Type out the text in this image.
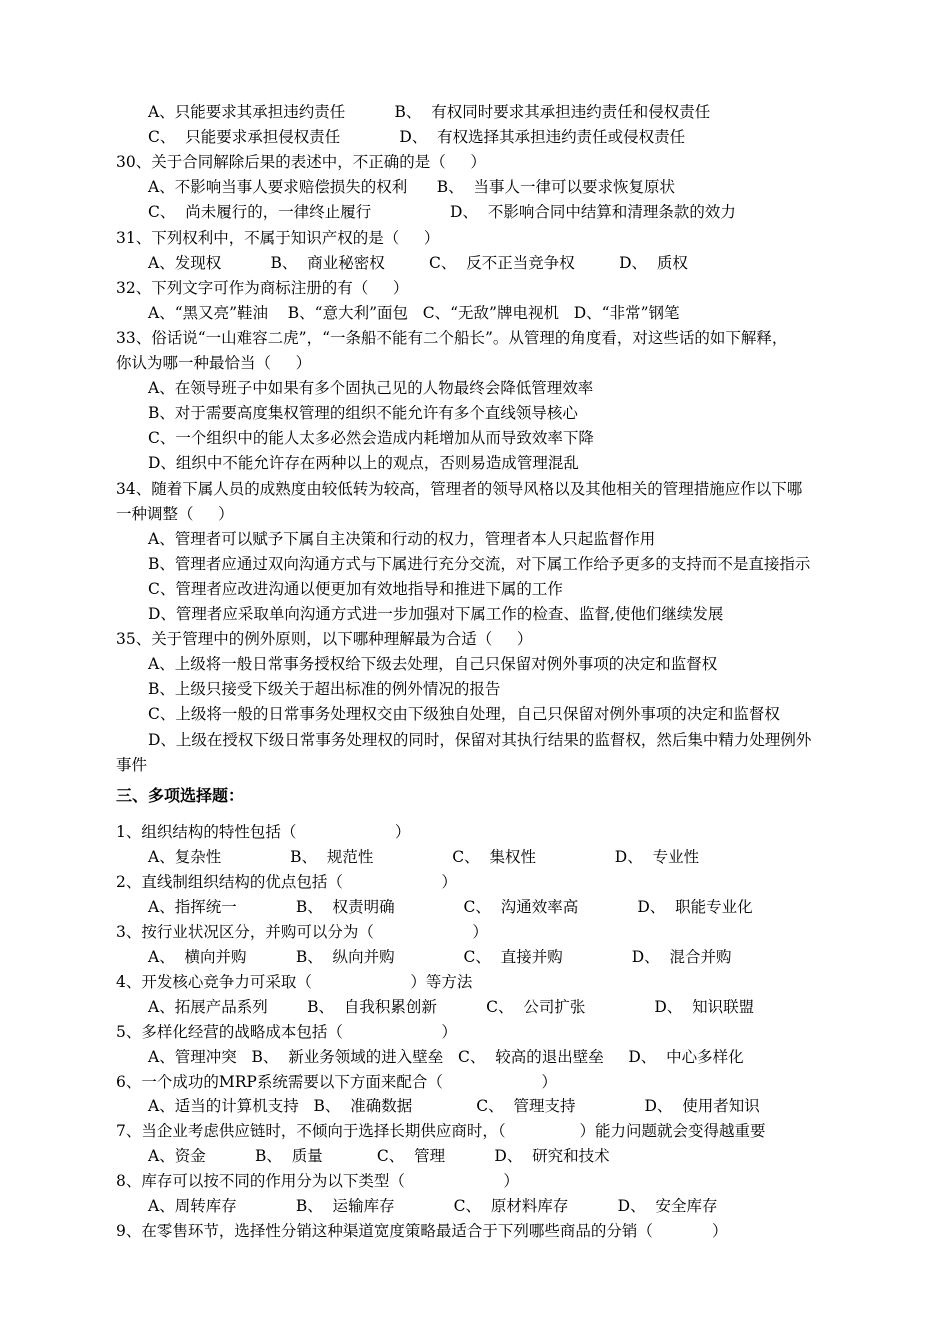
A、只能要求其承担违约责任          B、  有权同时要求其承担违约责任和侵权责任
C、  只能要求承担侵权责任            D、  有权选择其承担违约责任或侵权责任
30、关于合同解除后果的表述中，不正确的是（     ）
A、不影响当事人要求赔偿损失的权利      B、  当事人一律可以要求恢复原状
C、  尚未履行的，一律终止履行                D、  不影响合同中结算和清理条款的效力
31、下列权利中，不属于知识产权的是（     ）
A、发现权          B、  商业秘密权         C、  反不正当竞争权         D、  质权
32、下列文字可作为商标注册的有（     ）
A、“黑又亮”鞋油    B、“意大利”面包   C、“无敌”牌电视机   D、“非常”钢笔
33、俗话说“一山难容二虎”，“一条船不能有二个船长”。从管理的角度看，对这些话的如下解释，
你认为哪一种最恰当（     ）
A、在领导班子中如果有多个固执己见的人物最终会降低管理效率
B、对于需要高度集权管理的组织不能允许有多个直线领导核心
C、一个组织中的能人太多必然会造成内耗增加从而导致效率下降
D、组织中不能允许存在两种以上的观点，否则易造成管理混乱
34、随着下属人员的成熟度由较低转为较高，管理者的领导风格以及其他相关的管理措施应作以下哪
一种调整（     ）
A、管理者可以赋予下属自主决策和行动的权力，管理者本人只起监督作用
B、管理者应通过双向沟通方式与下属进行充分交流，对下属工作给予更多的支持而不是直接指示
C、管理者应改进沟通以便更加有效地指导和推进下属的工作
D、管理者应采取单向沟通方式进一步加强对下属工作的检查、监督,使他们继续发展
35、关于管理中的例外原则，以下哪种理解最为合适（     ）
A、上级将一般日常事务授权给下级去处理，自己只保留对例外事项的决定和监督权
B、上级只接受下级关于超出标准的例外情况的报告
C、上级将一般的日常事务处理权交由下级独自处理，自己只保留对例外事项的决定和监督权
D、上级在授权下级日常事务处理权的同时，保留对其执行结果的监督权，然后集中精力处理例外
事件
三、多项选择题：
1、组织结构的特性包括（                    ）
A、复杂性              B、  规范性                C、  集权性                D、  专业性
2、直线制组织结构的优点包括（                    ）
A、指挥统一            B、  权责明确              C、  沟通效率高            D、  职能专业化
3、按行业状况区分，并购可以分为（                    ）
A、  横向并购          B、  纵向并购              C、  直接并购              D、  混合并购
4、开发核心竞争力可采取（                    ）等方法
A、拓展产品系列        B、  自我积累创新          C、  公司扩张              D、  知识联盟
5、多样化经营的战略成本包括（                    ）
A、管理冲突   B、  新业务领域的进入壁垒   C、  较高的退出壁垒     D、  中心多样化
6、一个成功的MRP系统需要以下方面来配合（                    ）
A、适当的计算机支持   B、  准确数据             C、  管理支持              D、  使用者知识
7、当企业考虑供应链时，不倾向于选择长期供应商时，（               ）能力问题就会变得越重要
A、资金          B、  质量           C、  管理          D、  研究和技术
8、库存可以按不同的作用分为以下类型（                    ）
A、周转库存            B、  运输库存            C、  原材料库存          D、  安全库存
9、在零售环节，选择性分销这种渠道宽度策略最适合于下列哪些商品的分销（            ）
